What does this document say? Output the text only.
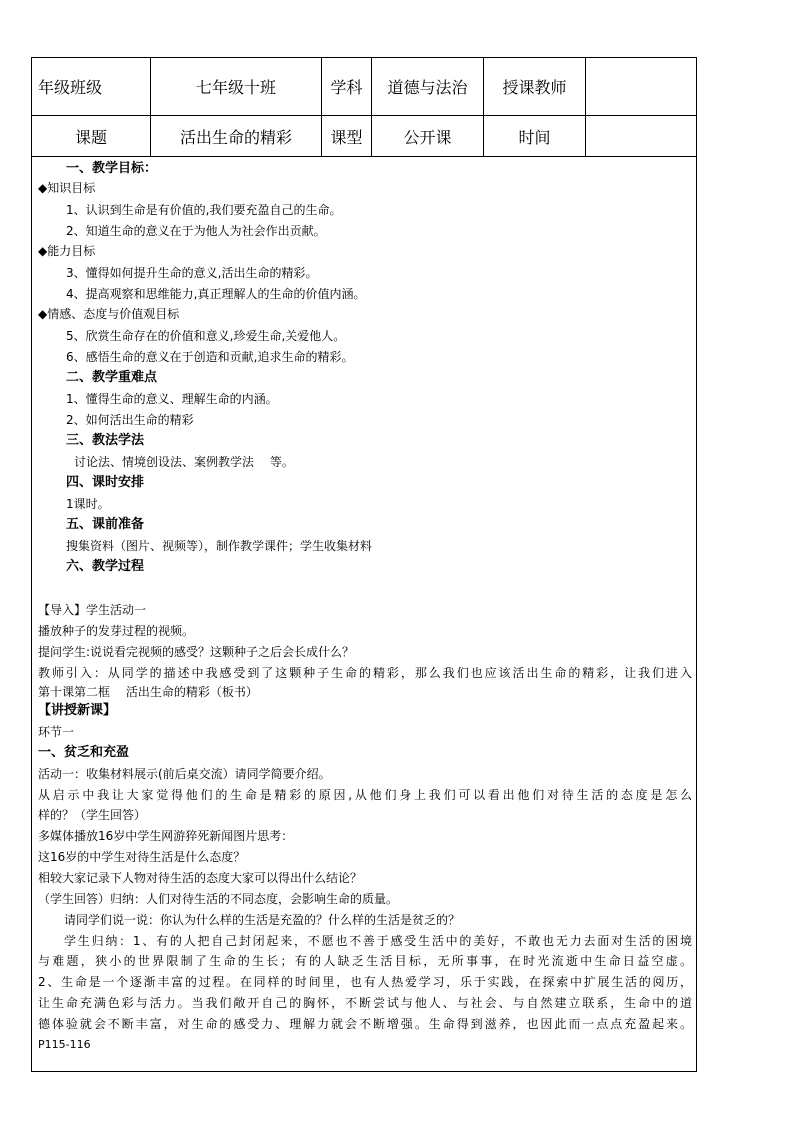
年级班级	七年级十班	学科	道德与法治	授课教师
课题	活出生命的精彩	课型	公开课	时间
一、教学目标：
◆知识目标
1、认识到生命是有价值的,我们要充盈自己的生命。
2、知道生命的意义在于为他人为社会作出贡献。
◆能力目标
3、懂得如何提升生命的意义,活出生命的精彩。
4、提高观察和思维能力,真正理解人的生命的价值内涵。
◆情感、态度与价值观目标
5、欣赏生命存在的价值和意义,珍爱生命,关爱他人。
6、感悟生命的意义在于创造和贡献,追求生命的精彩。
二、教学重难点
1、懂得生命的意义、理解生命的内涵。
2、如何活出生命的精彩
三、教法学法
讨论法、情境创设法、案例教学法　 等。
四、课时安排
1课时。
五、课前准备
搜集资料（图片、视频等），制作教学课件；学生收集材料
六、教学过程
【导入】学生活动一
播放种子的发芽过程的视频。
提问学生:说说看完视频的感受？这颗种子之后会长成什么？
教师引入：从同学的描述中我感受到了这颗种子生命的精彩，那么我们也应该活出生命的精彩，让我们进入
第十课第二框　 活出生命的精彩（板书）
【讲授新课】
环节一
一、贫乏和充盈
活动一：收集材料展示(前后桌交流）请同学简要介绍。
从启示中我让大家觉得他们的生命是精彩的原因,从他们身上我们可以看出他们对待生活的态度是怎么
样的？（学生回答）
多媒体播放16岁中学生网游猝死新闻图片思考：
这16岁的中学生对待生活是什么态度？
相较大家记录下人物对待生活的态度大家可以得出什么结论？
（学生回答）归纳：人们对待生活的不同态度，会影响生命的质量。
请同学们说一说：你认为什么样的生活是充盈的？什么样的生活是贫乏的？
学生归纳：1、有的人把自己封闭起来，不愿也不善于感受生活中的美好，不敢也无力去面对生活的困境
与难题，狭小的世界限制了生命的生长；有的人缺乏生活目标，无所事事，在时光流逝中生命日益空虚。
2、生命是一个逐渐丰富的过程。在同样的时间里，也有人热爱学习，乐于实践，在探索中扩展生活的阅历，
让生命充满色彩与活力。当我们敞开自己的胸怀，不断尝试与他人、与社会、与自然建立联系，生命中的道
德体验就会不断丰富，对生命的感受力、理解力就会不断增强。生命得到滋养，也因此而一点点充盈起来。
P115-116
